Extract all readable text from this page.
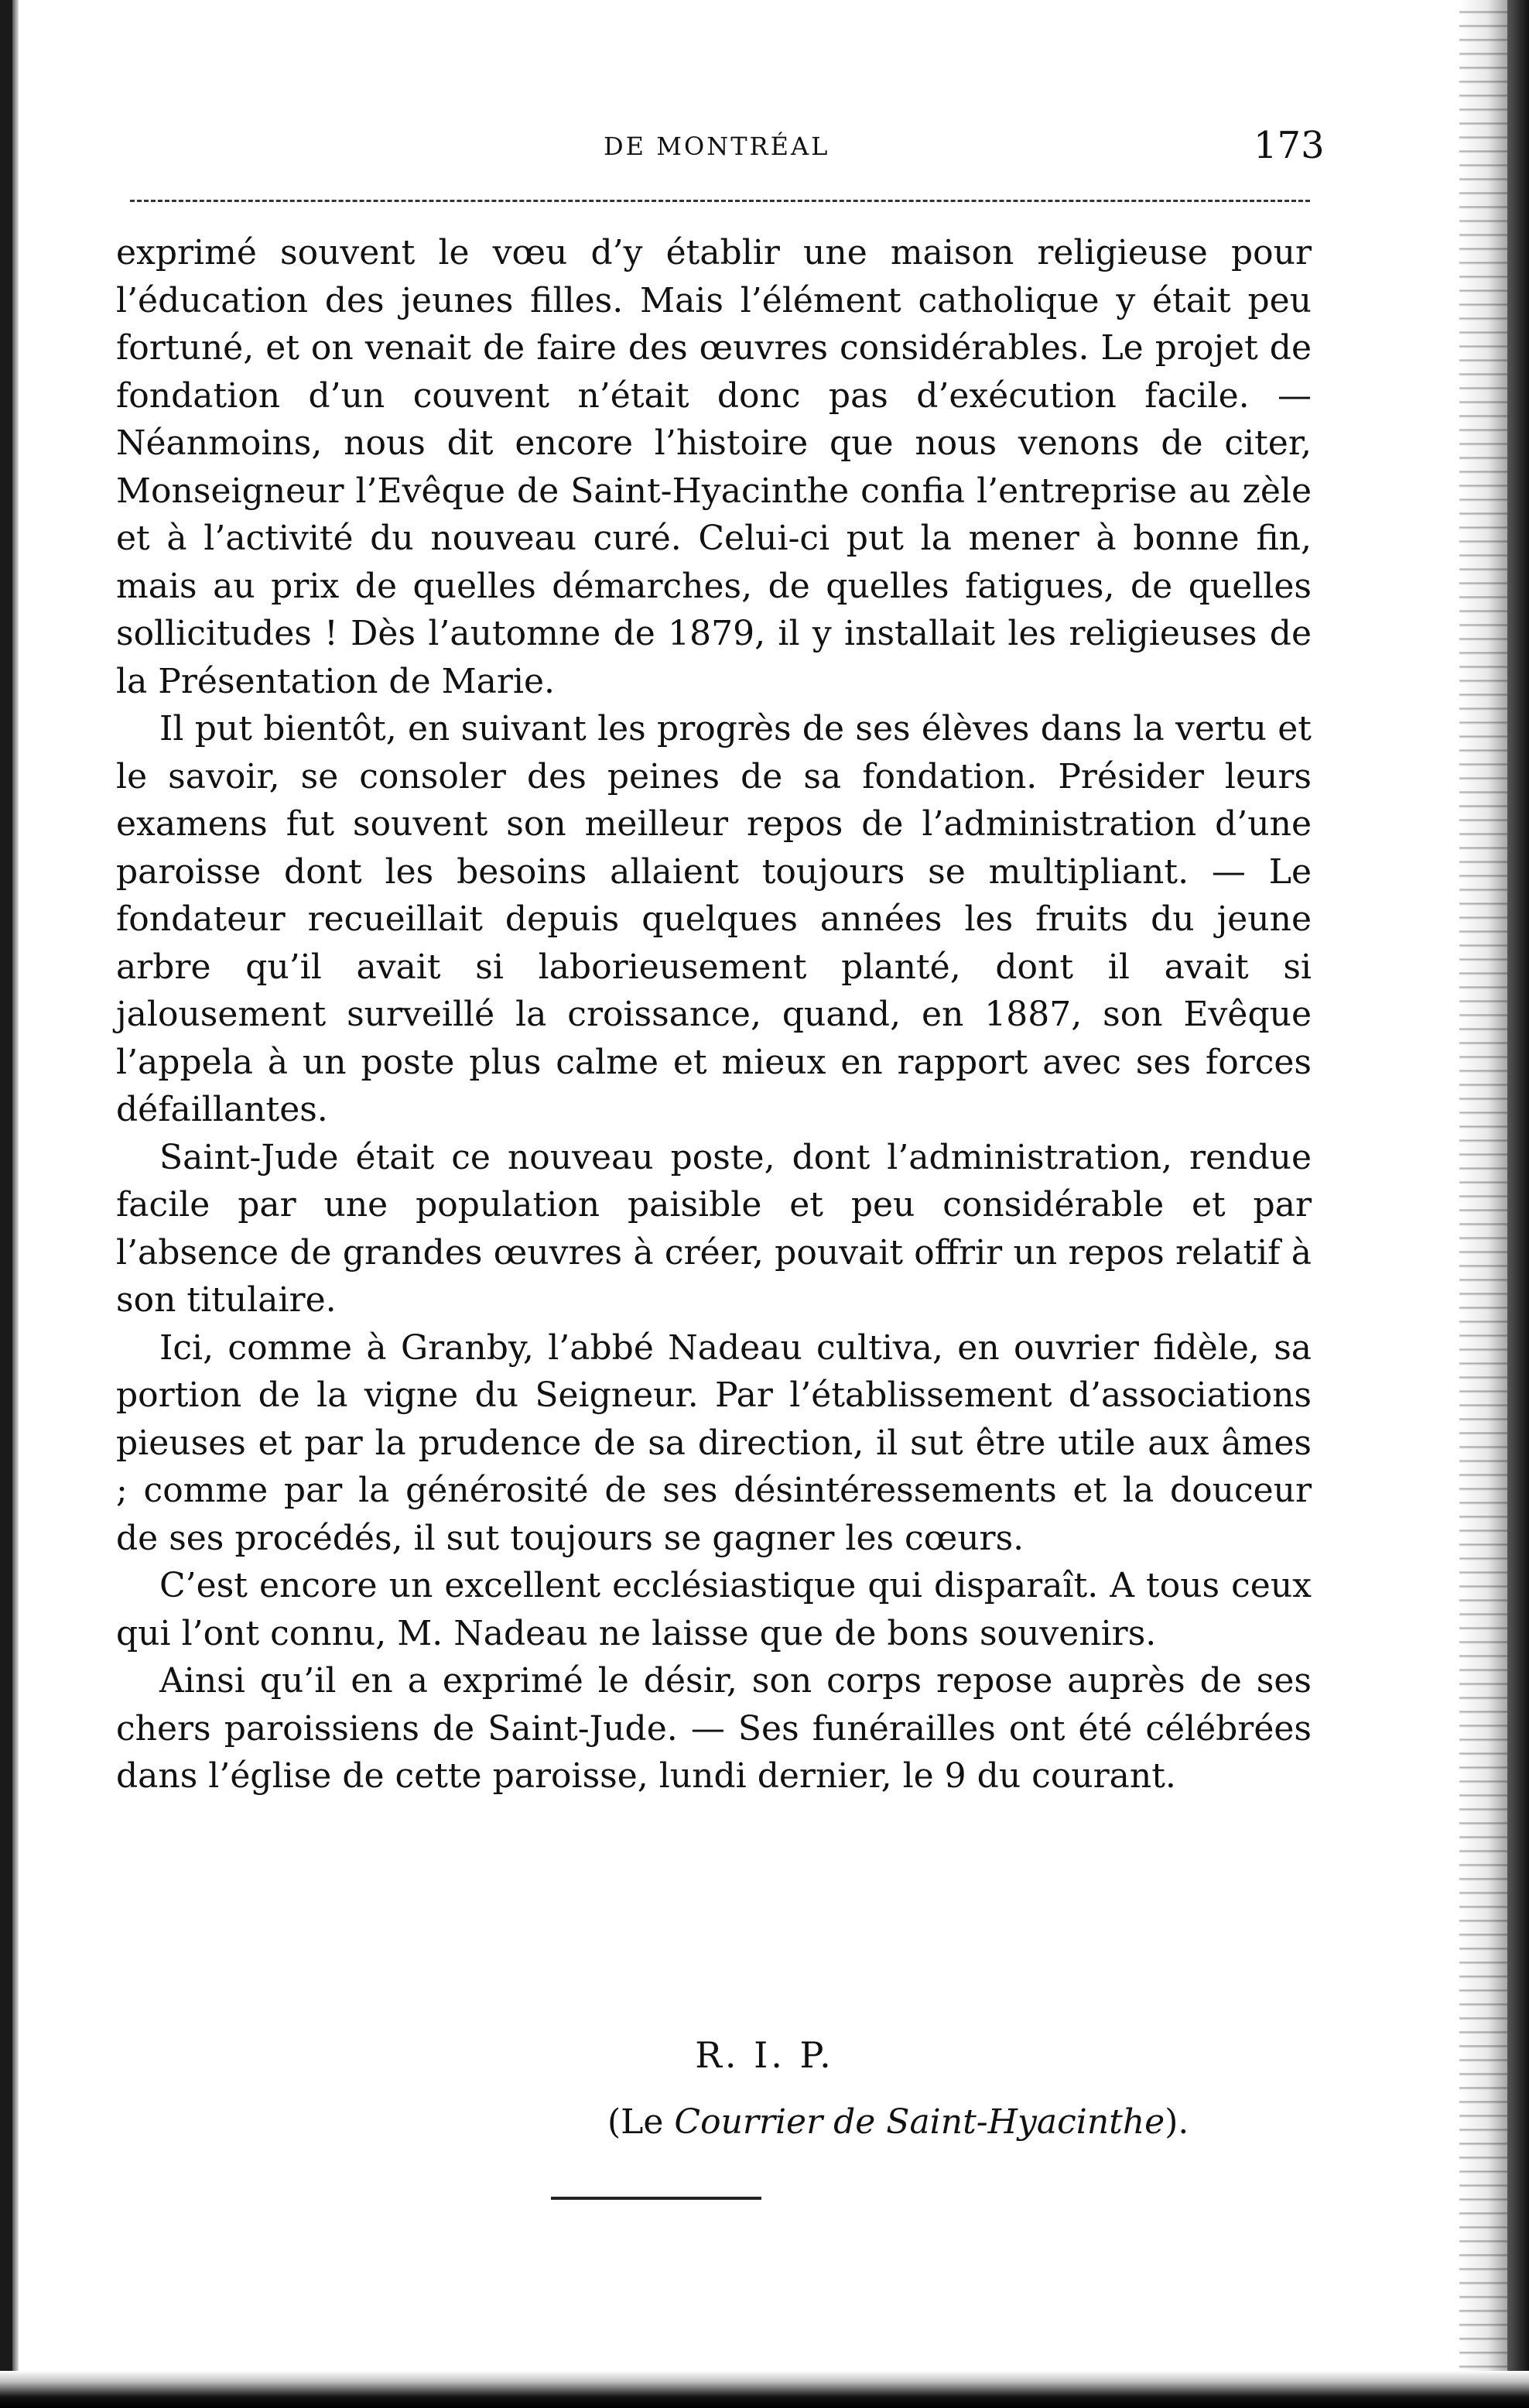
DE MONTRÉAL	173

exprimé souvent le vœu d’y établir une maison religieuse pour l’éducation des jeunes filles. Mais l’élément catholique y était peu fortuné, et on venait de faire des œuvres considérables. Le projet de fondation d’un couvent n’était donc pas d’exécution facile. — Néanmoins, nous dit encore l’histoire que nous venons de citer, Monseigneur l’Evêque de Saint-Hyacinthe confia l’entreprise au zèle et à l’activité du nouveau curé. Celui-ci put la mener à bonne fin, mais au prix de quelles démarches, de quelles fatigues, de quelles sollicitudes ! Dès l’automne de 1879, il y installait les religieuses de la Présentation de Marie.

Il put bientôt, en suivant les progrès de ses élèves dans la vertu et le savoir, se consoler des peines de sa fondation. Présider leurs examens fut souvent son meilleur repos de l’administration d’une paroisse dont les besoins allaient toujours se multipliant. — Le fondateur recueillait depuis quelques années les fruits du jeune arbre qu’il avait si laborieusement planté, dont il avait si jalousement surveillé la croissance, quand, en 1887, son Evêque l’appela à un poste plus calme et mieux en rapport avec ses forces défaillantes.

Saint-Jude était ce nouveau poste, dont l’administration, rendue facile par une population paisible et peu considérable et par l’absence de grandes œuvres à créer, pouvait offrir un repos relatif à son titulaire.

Ici, comme à Granby, l’abbé Nadeau cultiva, en ouvrier fidèle, sa portion de la vigne du Seigneur. Par l’établissement d’associations pieuses et par la prudence de sa direction, il sut être utile aux âmes ; comme par la générosité de ses désintéressements et la douceur de ses procédés, il sut toujours se gagner les cœurs.

C’est encore un excellent ecclésiastique qui disparaît. A tous ceux qui l’ont connu, M. Nadeau ne laisse que de bons souvenirs.

Ainsi qu’il en a exprimé le désir, son corps repose auprès de ses chers paroissiens de Saint-Jude. — Ses funérailles ont été célébrées dans l’église de cette paroisse, lundi dernier, le 9 du courant.

R. I. P.
(Le Courrier de Saint-Hyacinthe).
